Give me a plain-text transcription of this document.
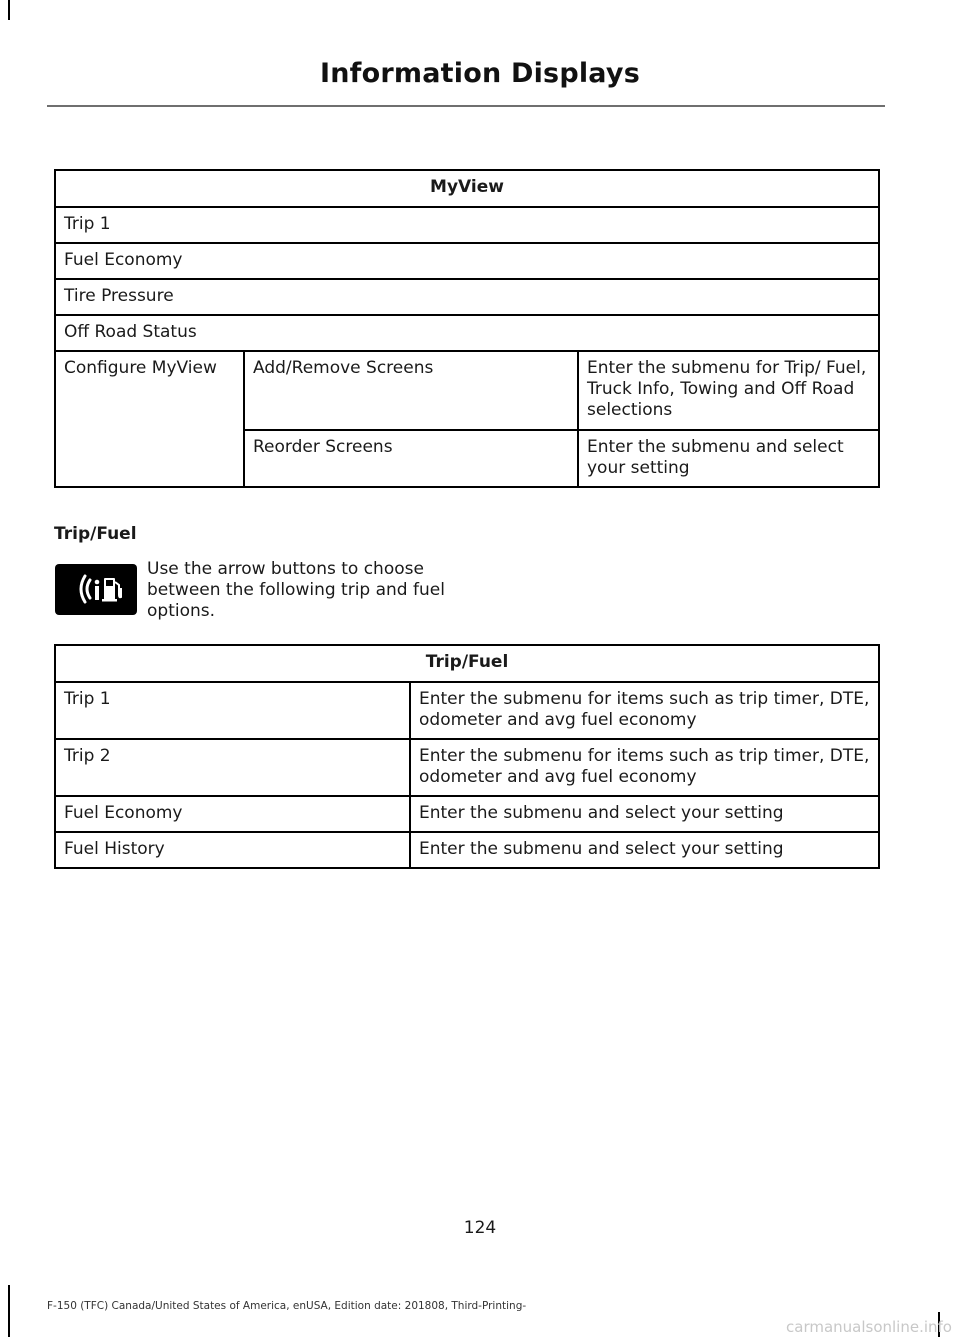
Information Displays
MyView		
Trip 1		
Fuel Economy		
Tire Pressure		
Off Road Status		
Configure MyView	Add/Remove Screens	Enter the submenu for Trip/ Fuel, Truck Info, Towing and Off Road selections
	Reorder Screens	Enter the submenu and select your setting
Trip/Fuel
Use the arrow buttons to choose between the following trip and fuel options.
Trip/Fuel	
Trip 1	Enter the submenu for items such as trip timer, DTE, odometer and avg fuel economy
Trip 2	Enter the submenu for items such as trip timer, DTE, odometer and avg fuel economy
Fuel Economy	Enter the submenu and select your setting
Fuel History	Enter the submenu and select your setting
124
F-150 (TFC) Canada/United States of America, enUSA, Edition date: 201808, Third-Printing-
carmanualsonline.info
